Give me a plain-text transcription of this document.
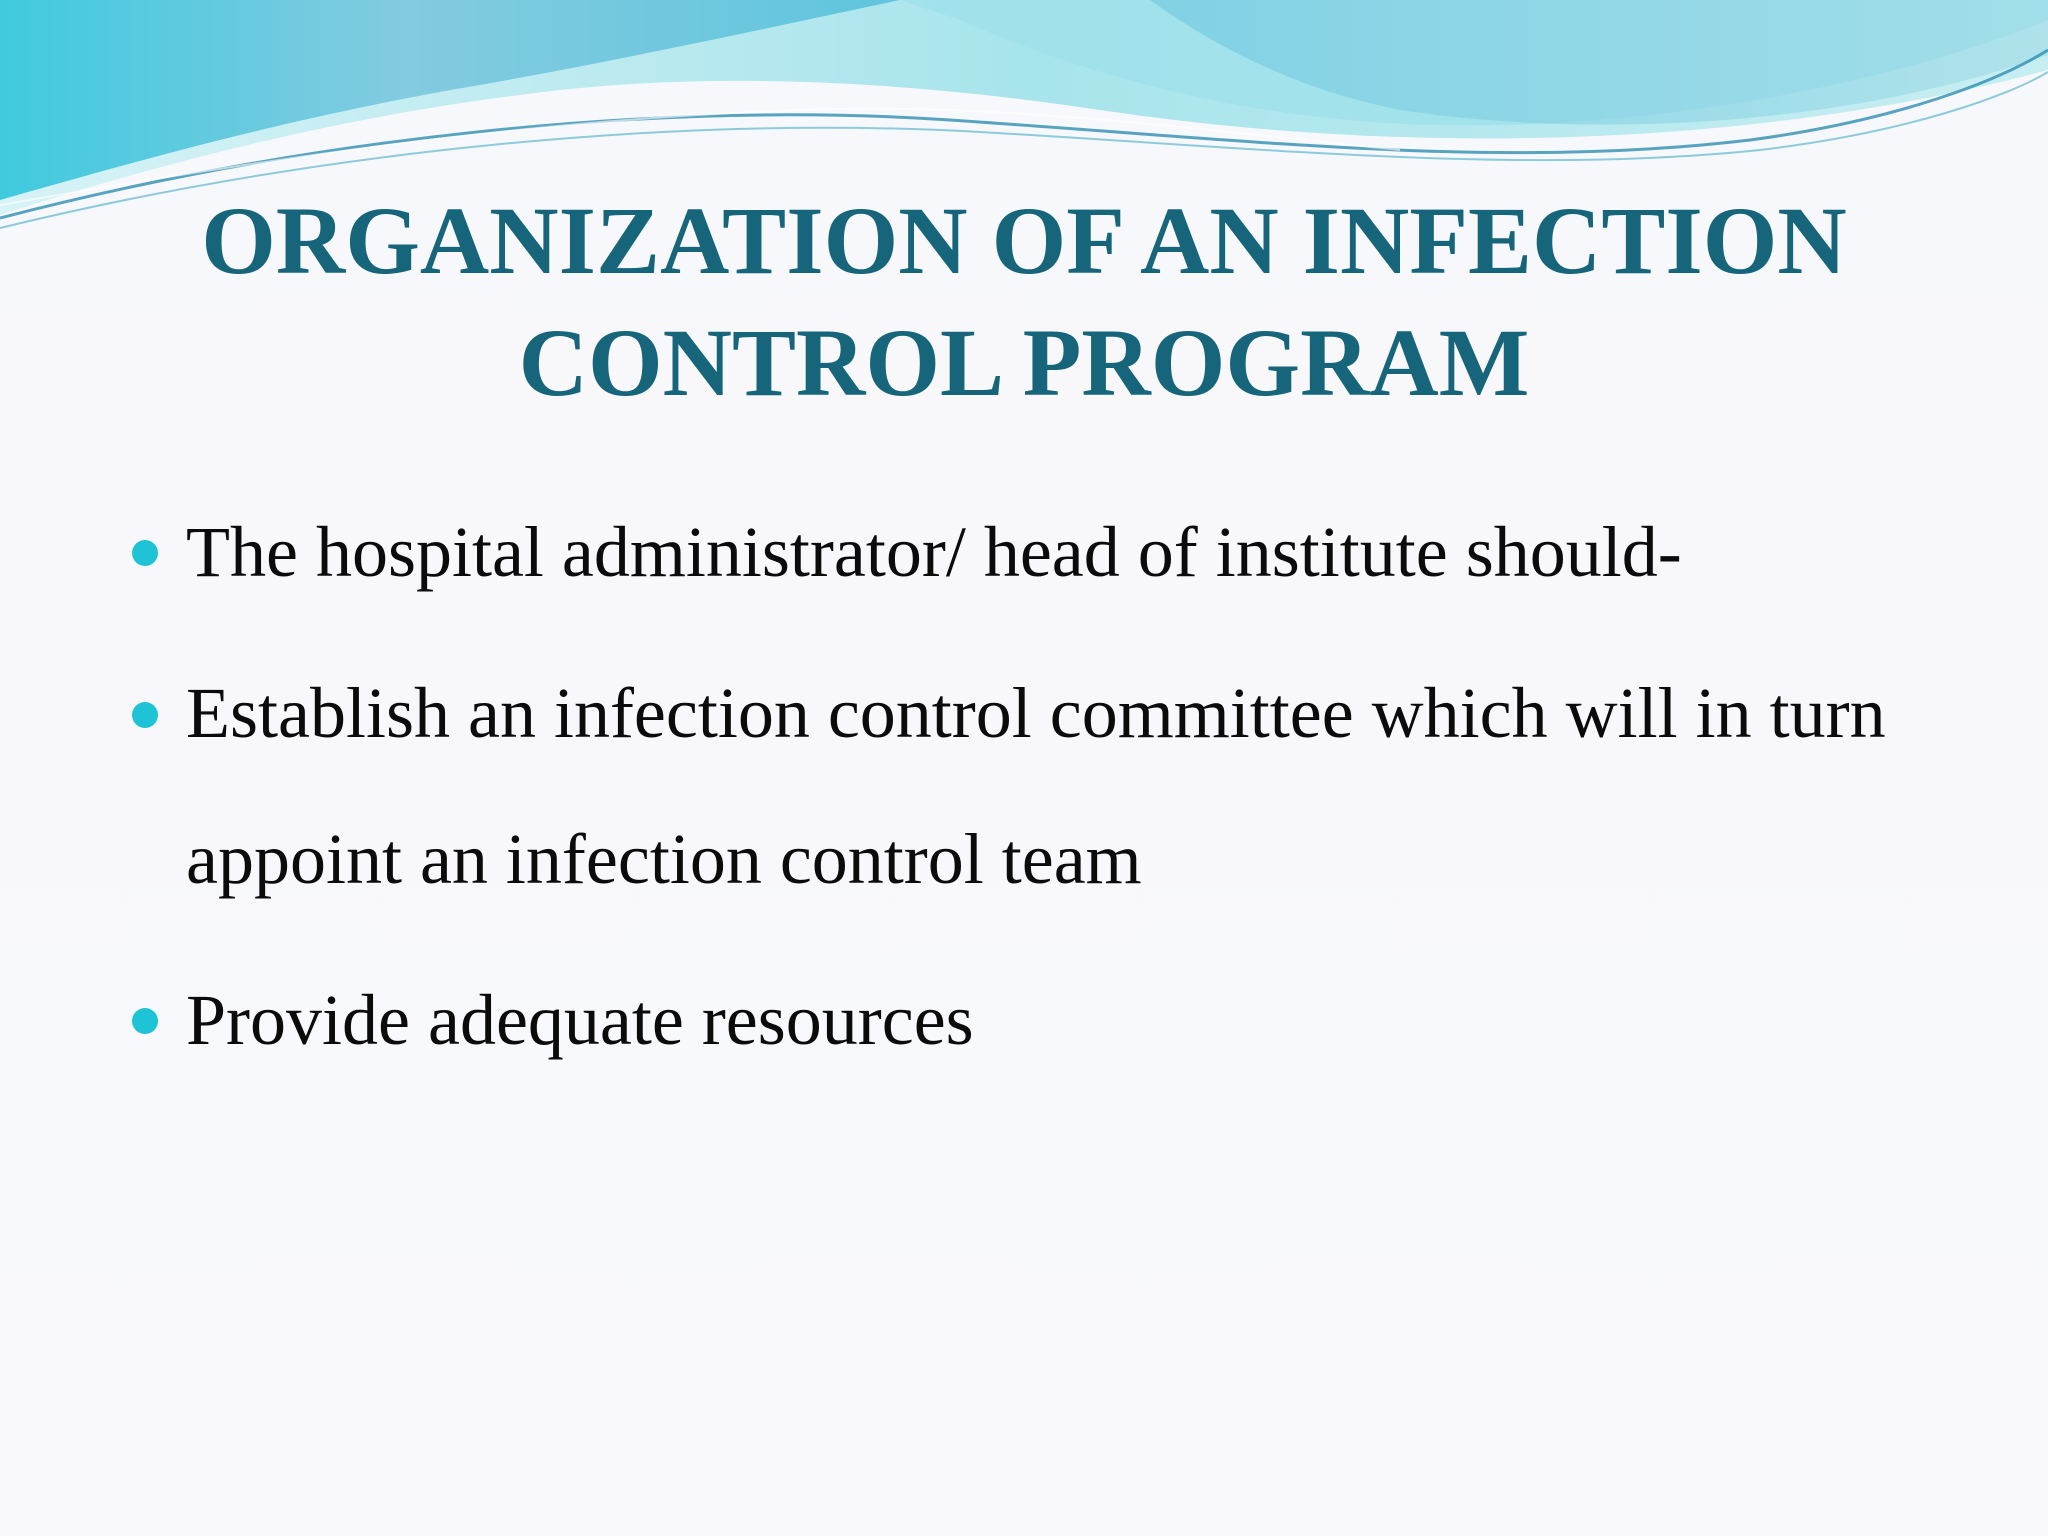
ORGANIZATION OF AN INFECTION
CONTROL PROGRAM
The hospital administrator/ head of institute should-
Establish an infection control committee which will in turn appoint an infection control team
Provide adequate resources
